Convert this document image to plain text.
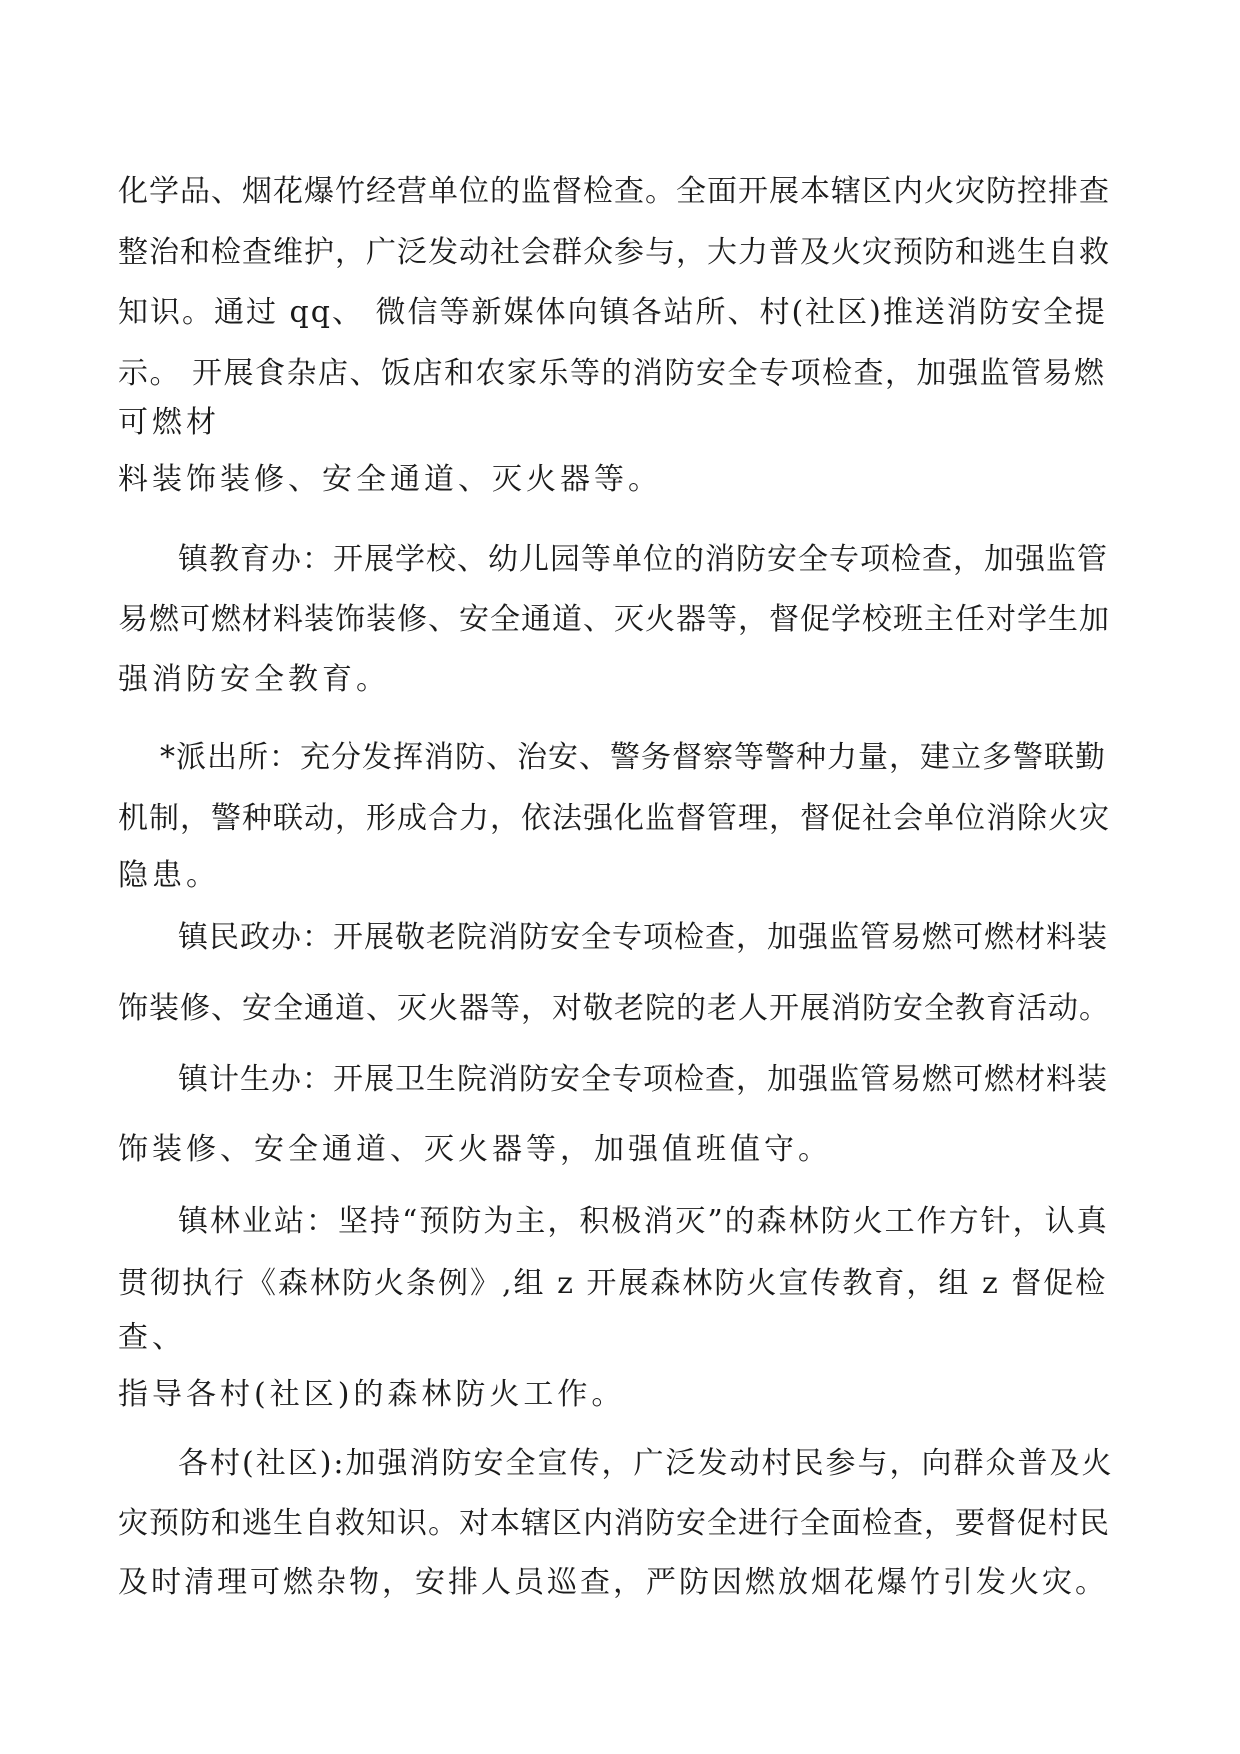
化学品、烟花爆竹经营单位的监督检查。全面开展本辖区内火灾防控排查

整治和检查维护，广泛发动社会群众参与，大力普及火灾预防和逃生自救

知识。通过 qq、 微信等新媒体向镇各站所、村(社区)推送消防安全提

示。 开展食杂店、饭店和农家乐等的消防安全专项检查，加强监管易燃

可燃材

料装饰装修、安全通道、灭火器等。

镇教育办：开展学校、幼儿园等单位的消防安全专项检查，加强监管

易燃可燃材料装饰装修、安全通道、灭火器等，督促学校班主任对学生加

强消防安全教育。

*派出所：充分发挥消防、治安、警务督察等警种力量，建立多警联勤

机制，警种联动，形成合力，依法强化监督管理，督促社会单位消除火灾

隐患。

镇民政办：开展敬老院消防安全专项检查，加强监管易燃可燃材料装

饰装修、安全通道、灭火器等，对敬老院的老人开展消防安全教育活动。

镇计生办：开展卫生院消防安全专项检查，加强监管易燃可燃材料装

饰装修、安全通道、灭火器等，加强值班值守。

镇林业站：坚持“预防为主，积极消灭”的森林防火工作方针，认真

贯彻执行《森林防火条例》,组 z 开展森林防火宣传教育，组 z 督促检

查、

指导各村(社区)的森林防火工作。

各村(社区):加强消防安全宣传，广泛发动村民参与，向群众普及火

灾预防和逃生自救知识。对本辖区内消防安全进行全面检查，要督促村民

及时清理可燃杂物，安排人员巡查，严防因燃放烟花爆竹引发火灾。
